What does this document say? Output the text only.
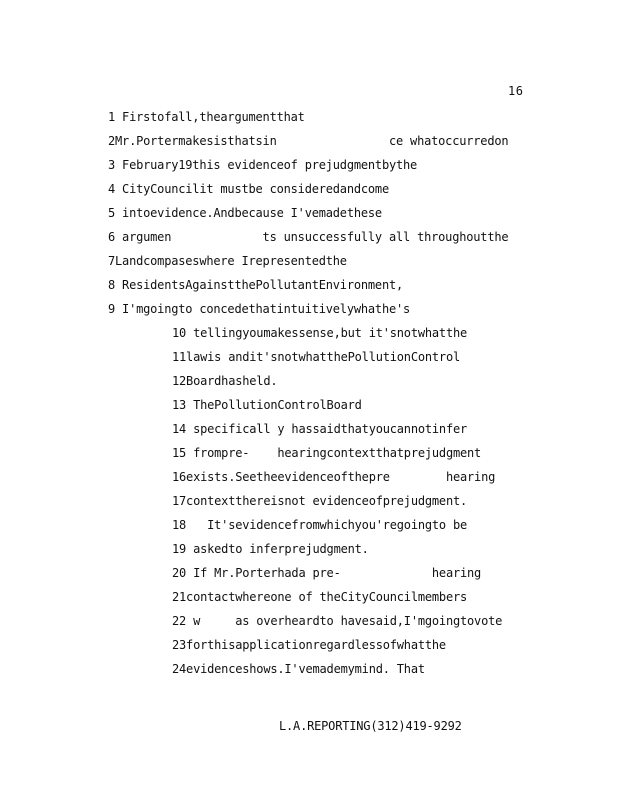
16
1 Firstofall,theargumentthat
2Mr.Portermakesisthatsin                ce whatoccurredon
3 February19this evidenceof prejudgmentbythe
4 CityCouncilit mustbe consideredandcome
5 intoevidence.Andbecause I'vemadethese
6 argumen             ts unsuccessfully all throughoutthe
7Landcompaseswhere Irepresentedthe
8 ResidentsAgainstthePollutantEnvironment,
9 I'mgoingto concedethatintuitivelywhathe's
10 tellingyoumakessense,but it'snotwhatthe
11lawis andit'snotwhatthePollutionControl
12Boardhasheld.
13 ThePollutionControlBoard
14 specificall y hassaidthatyoucannotinfer
15 frompre-    hearingcontextthatprejudgment
16exists.Seetheevidenceofthepre        hearing
17contextthereisnot evidenceofprejudgment.
18   It'sevidencefromwhichyou'regoingto be
19 askedto inferprejudgment.
20 If Mr.Porterhada pre-             hearing
21contactwhereone of theCityCouncilmembers
22 w     as overheardto havesaid,I'mgoingtovote
23forthisapplicationregardlessofwhatthe
24evidenceshows.I'vemademymind. That
L.A.REPORTING(312)419-9292
